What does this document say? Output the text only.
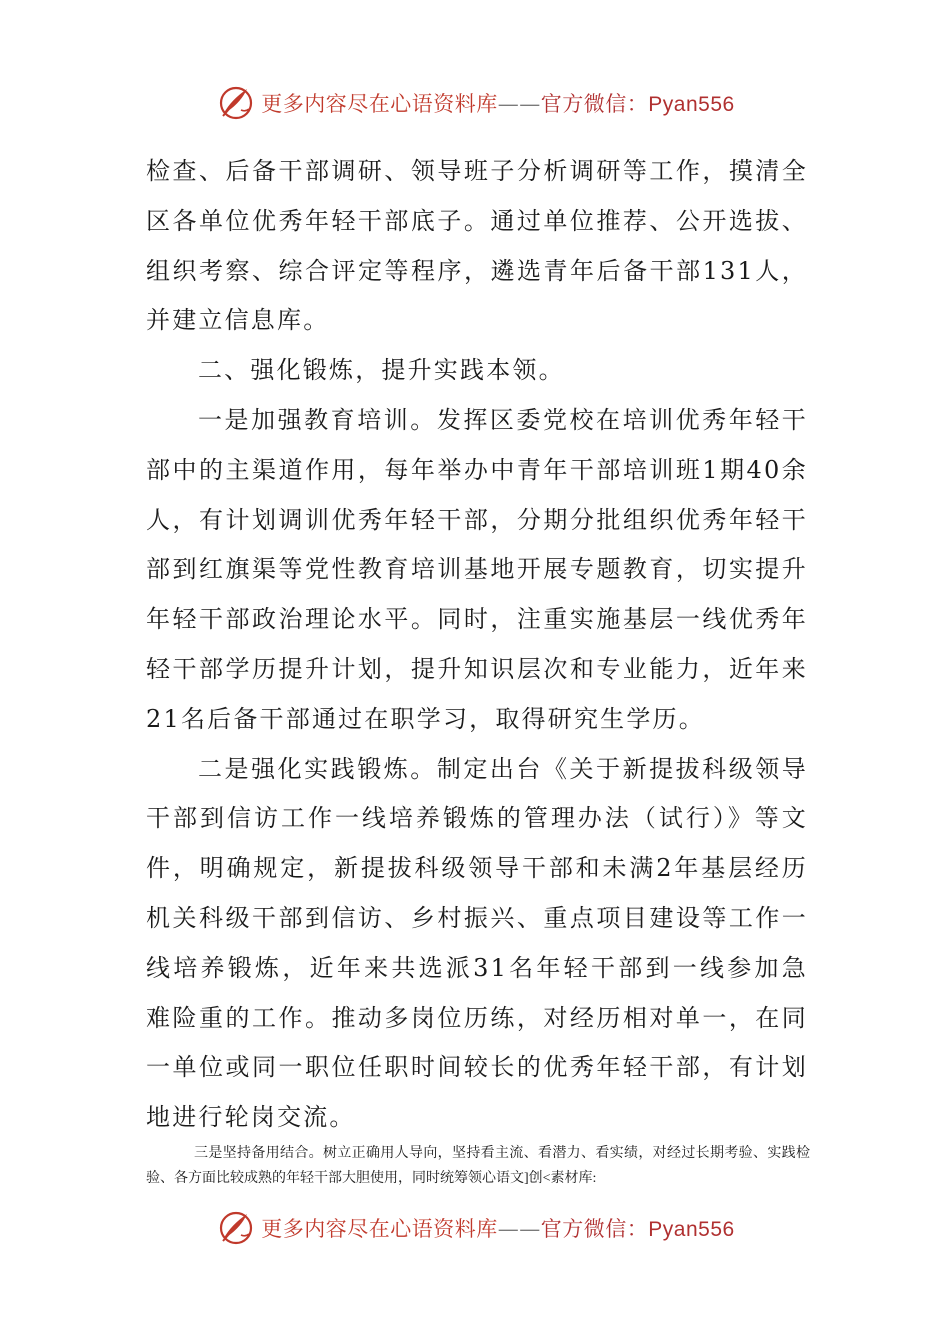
更多内容尽在心语资料库——官方微信：Pyan556

检查、后备干部调研、领导班子分析调研等工作，摸清全区各单位优秀年轻干部底子。通过单位推荐、公开选拔、组织考察、综合评定等程序，遴选青年后备干部131人，并建立信息库。

二、强化锻炼，提升实践本领。

一是加强教育培训。发挥区委党校在培训优秀年轻干部中的主渠道作用，每年举办中青年干部培训班1期40余人，有计划调训优秀年轻干部，分期分批组织优秀年轻干部到红旗渠等党性教育培训基地开展专题教育，切实提升年轻干部政治理论水平。同时，注重实施基层一线优秀年轻干部学历提升计划，提升知识层次和专业能力，近年来21名后备干部通过在职学习，取得研究生学历。

二是强化实践锻炼。制定出台《关于新提拔科级领导干部到信访工作一线培养锻炼的管理办法（试行）》等文件，明确规定，新提拔科级领导干部和未满2年基层经历机关科级干部到信访、乡村振兴、重点项目建设等工作一线培养锻炼，近年来共选派31名年轻干部到一线参加急难险重的工作。推动多岗位历练，对经历相对单一，在同一单位或同一职位任职时间较长的优秀年轻干部，有计划地进行轮岗交流。

三是坚持备用结合。树立正确用人导向，坚持看主流、看潜力、看实绩，对经过长期考验、实践检验、各方面比较成熟的年轻干部大胆使用，同时统筹领心语文]创<素材库:
更多内容尽在心语资料库——官方微信：Pyan556
